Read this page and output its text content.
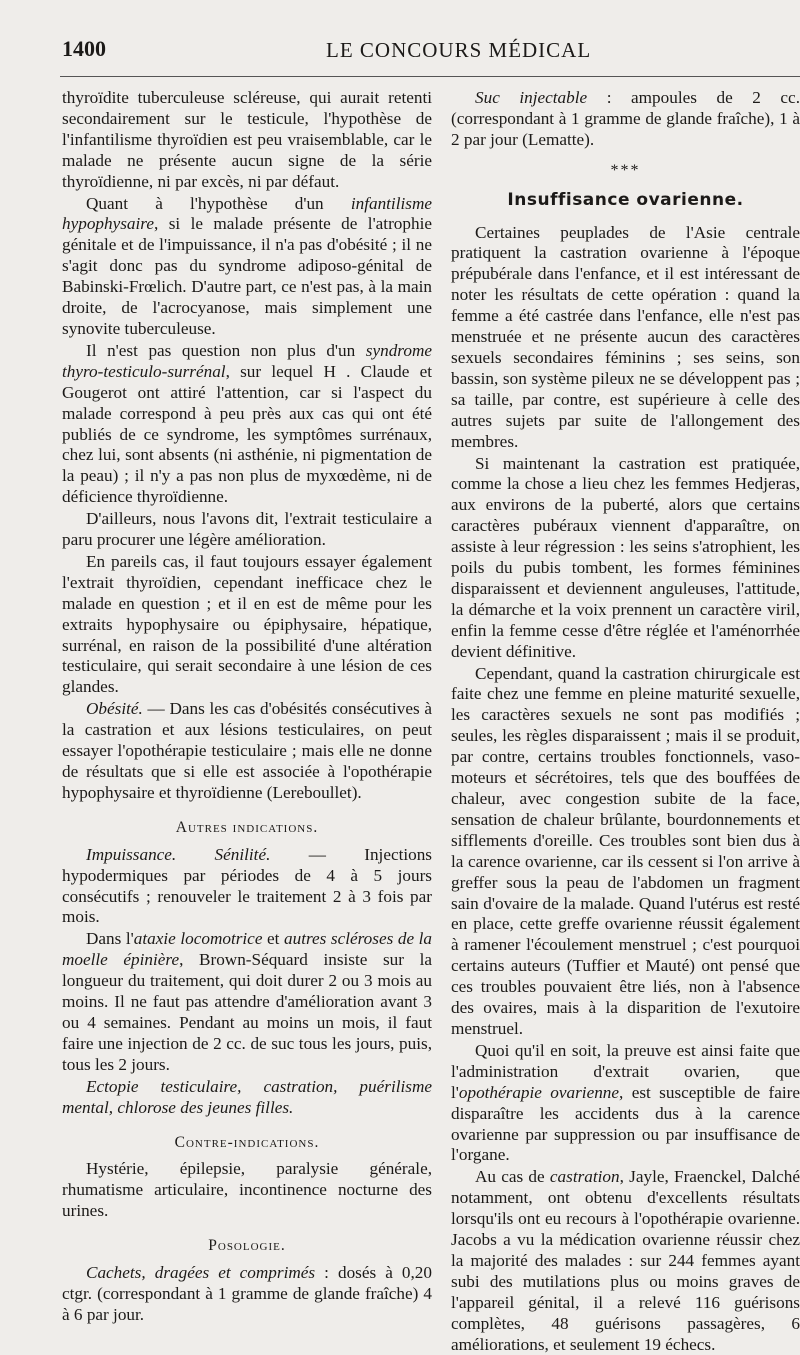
1400	LE CONCOURS MÉDICAL

thyroïdite tuberculeuse scléreuse, qui aurait retenti secondairement sur le testicule, l'hypothèse de l'infantilisme thyroïdien est peu vraisemblable, car le malade ne présente aucun signe de la série thyroïdienne, ni par excès, ni par défaut.

Quant à l'hypothèse d'un infantilisme hypophysaire, si le malade présente de l'atrophie génitale et de l'impuissance, il n'a pas d'obésité ; il ne s'agit donc pas du syndrome adiposo-génital de Babinski-Frœlich. D'autre part, ce n'est pas, à la main droite, de l'acrocyanose, mais simplement une synovite tuberculeuse.

Il n'est pas question non plus d'un syndrome thyro-testiculo-surrénal, sur lequel H . Claude et Gougerot ont attiré l'attention, car si l'aspect du malade correspond à peu près aux cas qui ont été publiés de ce syndrome, les symptômes surrénaux, chez lui, sont absents (ni asthénie, ni pigmentation de la peau) ; il n'y a pas non plus de myxœdème, ni de déficience thyroïdienne.

D'ailleurs, nous l'avons dit, l'extrait testiculaire a paru procurer une légère amélioration.

En pareils cas, il faut toujours essayer également l'extrait thyroïdien, cependant inefficace chez le malade en question ; et il en est de même pour les extraits hypophysaire ou épiphysaire, hépatique, surrénal, en raison de la possibilité d'une altération testiculaire, qui serait secondaire à une lésion de ces glandes.

Obésité. — Dans les cas d'obésités consécutives à la castration et aux lésions testiculaires, on peut essayer l'opothérapie testiculaire ; mais elle ne donne de résultats que si elle est associée à l'opothérapie hypophysaire et thyroïdienne (Lereboullet).

Autres indications.

Impuissance. Sénilité. — Injections hypodermiques par périodes de 4 à 5 jours consécutifs ; renouveler le traitement 2 à 3 fois par mois.

Dans l'ataxie locomotrice et autres scléroses de la moelle épinière, Brown-Séquard insiste sur la longueur du traitement, qui doit durer 2 ou 3 mois au moins. Il ne faut pas attendre d'amélioration avant 3 ou 4 semaines. Pendant au moins un mois, il faut faire une injection de 2 cc. de suc tous les jours, puis, tous les 2 jours.

Ectopie testiculaire, castration, puérilisme mental, chlorose des jeunes filles.

Contre-indications.

Hystérie, épilepsie, paralysie générale, rhumatisme articulaire, incontinence nocturne des urines.

Posologie.

Cachets, dragées et comprimés : dosés à 0,20 ctgr. (correspondant à 1 gramme de glande fraîche) 4 à 6 par jour.

Suc injectable : ampoules de 2 cc. (correspondant à 1 gramme de glande fraîche), 1 à 2 par jour (Lematte).

***
Insuffisance ovarienne.

Certaines peuplades de l'Asie centrale pratiquent la castration ovarienne à l'époque prépubérale dans l'enfance, et il est intéressant de noter les résultats de cette opération : quand la femme a été castrée dans l'enfance, elle n'est pas menstruée et ne présente aucun des caractères sexuels secondaires féminins ; ses seins, son bassin, son système pileux ne se développent pas ; sa taille, par contre, est supérieure à celle des autres sujets par suite de l'allongement des membres.

Si maintenant la castration est pratiquée, comme la chose a lieu chez les femmes Hedjeras, aux environs de la puberté, alors que certains caractères pubéraux viennent d'apparaître, on assiste à leur régression : les seins s'atrophient, les poils du pubis tombent, les formes féminines disparaissent et deviennent anguleuses, l'attitude, la démarche et la voix prennent un caractère viril, enfin la femme cesse d'être réglée et l'aménorrhée devient définitive.

Cependant, quand la castration chirurgicale est faite chez une femme en pleine maturité sexuelle, les caractères sexuels ne sont pas modifiés ; seules, les règles disparaissent ; mais il se produit, par contre, certains troubles fonctionnels, vaso-moteurs et sécrétoires, tels que des bouffées de chaleur, avec congestion subite de la face, sensation de chaleur brûlante, bourdonnements et sifflements d'oreille. Ces troubles sont bien dus à la carence ovarienne, car ils cessent si l'on arrive à greffer sous la peau de l'abdomen un fragment sain d'ovaire de la malade. Quand l'utérus est resté en place, cette greffe ovarienne réussit également à ramener l'écoulement menstruel ; c'est pourquoi certains auteurs (Tuffier et Mauté) ont pensé que ces troubles pouvaient être liés, non à l'absence des ovaires, mais à la disparition de l'exutoire menstruel.

Quoi qu'il en soit, la preuve est ainsi faite que l'administration d'extrait ovarien, que l'opothérapie ovarienne, est susceptible de faire disparaître les accidents dus à la carence ovarienne par suppression ou par insuffisance de l'organe.

Au cas de castration, Jayle, Fraenckel, Dalché notamment, ont obtenu d'excellents résultats lorsqu'ils ont eu recours à l'opothérapie ovarienne. Jacobs a vu la médication ovarienne réussir chez la majorité des malades : sur 244 femmes ayant subi des mutilations plus ou moins graves de l'appareil génital, il a relevé 116 guérisons complètes, 48 guérisons passagères, 6 améliorations, et seulement 19 échecs.
